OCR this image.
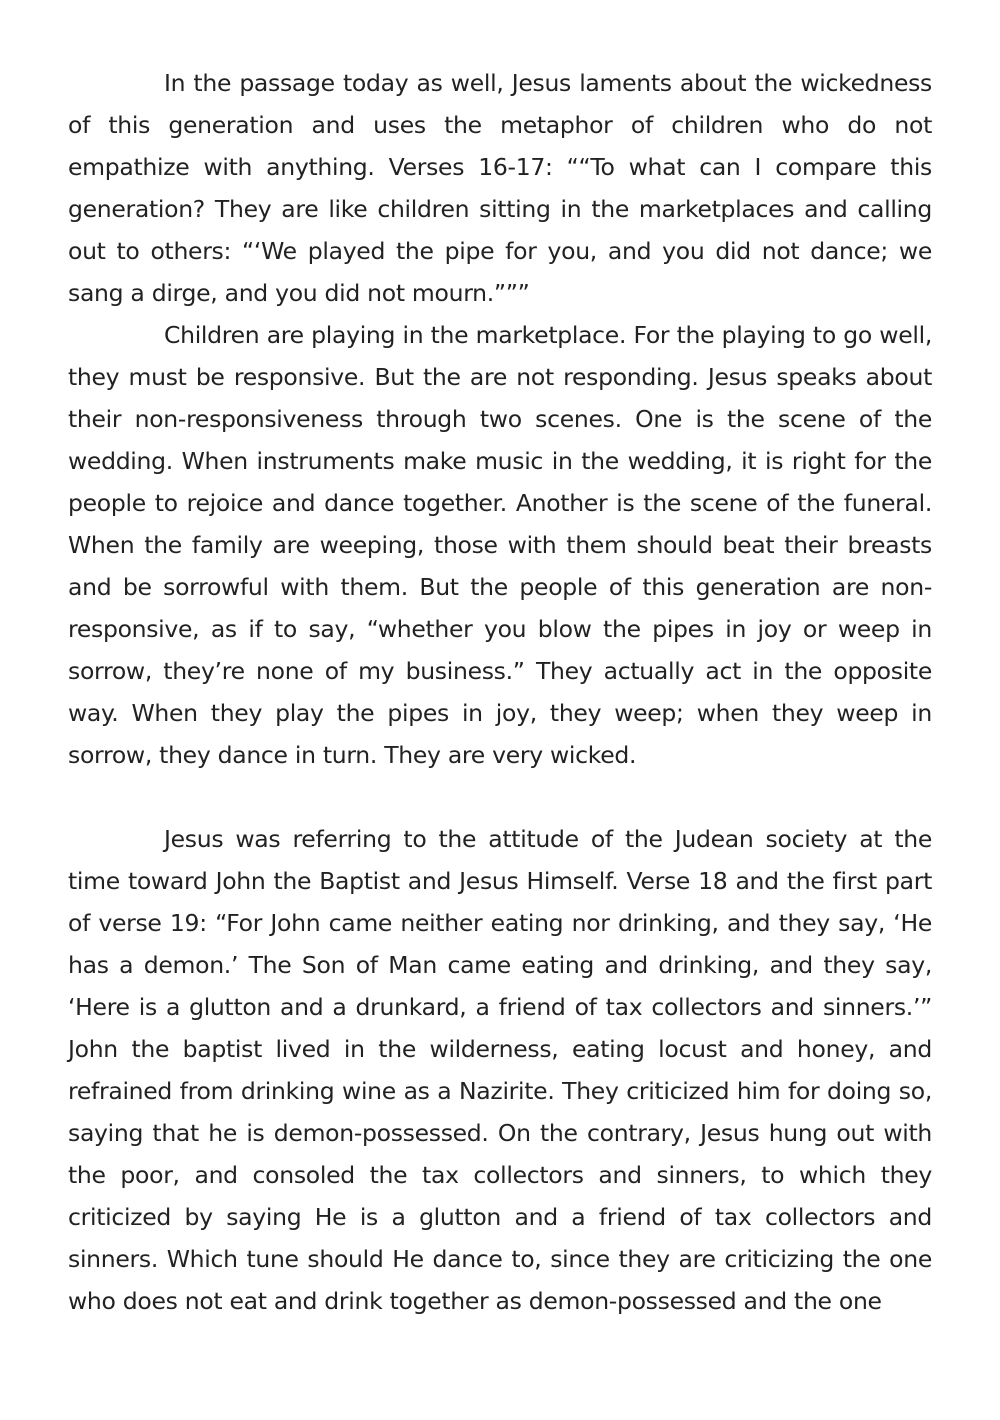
In the passage today as well, Jesus laments about the wickedness of this generation and uses the metaphor of children who do not empathize with anything. Verses 16-17: ““To what can I compare this generation? They are like children sitting in the marketplaces and calling out to others: “‘We played the pipe for you, and you did not dance; we sang a dirge, and you did not mourn.”””

Children are playing in the marketplace. For the playing to go well, they must be responsive. But the are not responding. Jesus speaks about their non-responsiveness through two scenes. One is the scene of the wedding. When instruments make music in the wedding, it is right for the people to rejoice and dance together. Another is the scene of the funeral. When the family are weeping, those with them should beat their breasts and be sorrowful with them. But the people of this generation are non-responsive, as if to say, “whether you blow the pipes in joy or weep in sorrow, they’re none of my business.” They actually act in the opposite way. When they play the pipes in joy, they weep; when they weep in sorrow, they dance in turn. They are very wicked.

Jesus was referring to the attitude of the Judean society at the time toward John the Baptist and Jesus Himself. Verse 18 and the first part of verse 19: “For John came neither eating nor drinking, and they say, ‘He has a demon.’ The Son of Man came eating and drinking, and they say, ‘Here is a glutton and a drunkard, a friend of tax collectors and sinners.’” John the baptist lived in the wilderness, eating locust and honey, and refrained from drinking wine as a Nazirite. They criticized him for doing so, saying that he is demon-possessed. On the contrary, Jesus hung out with the poor, and consoled the tax collectors and sinners, to which they criticized by saying He is a glutton and a friend of tax collectors and sinners. Which tune should He dance to, since they are criticizing the one who does not eat and drink together as demon-possessed and the one
